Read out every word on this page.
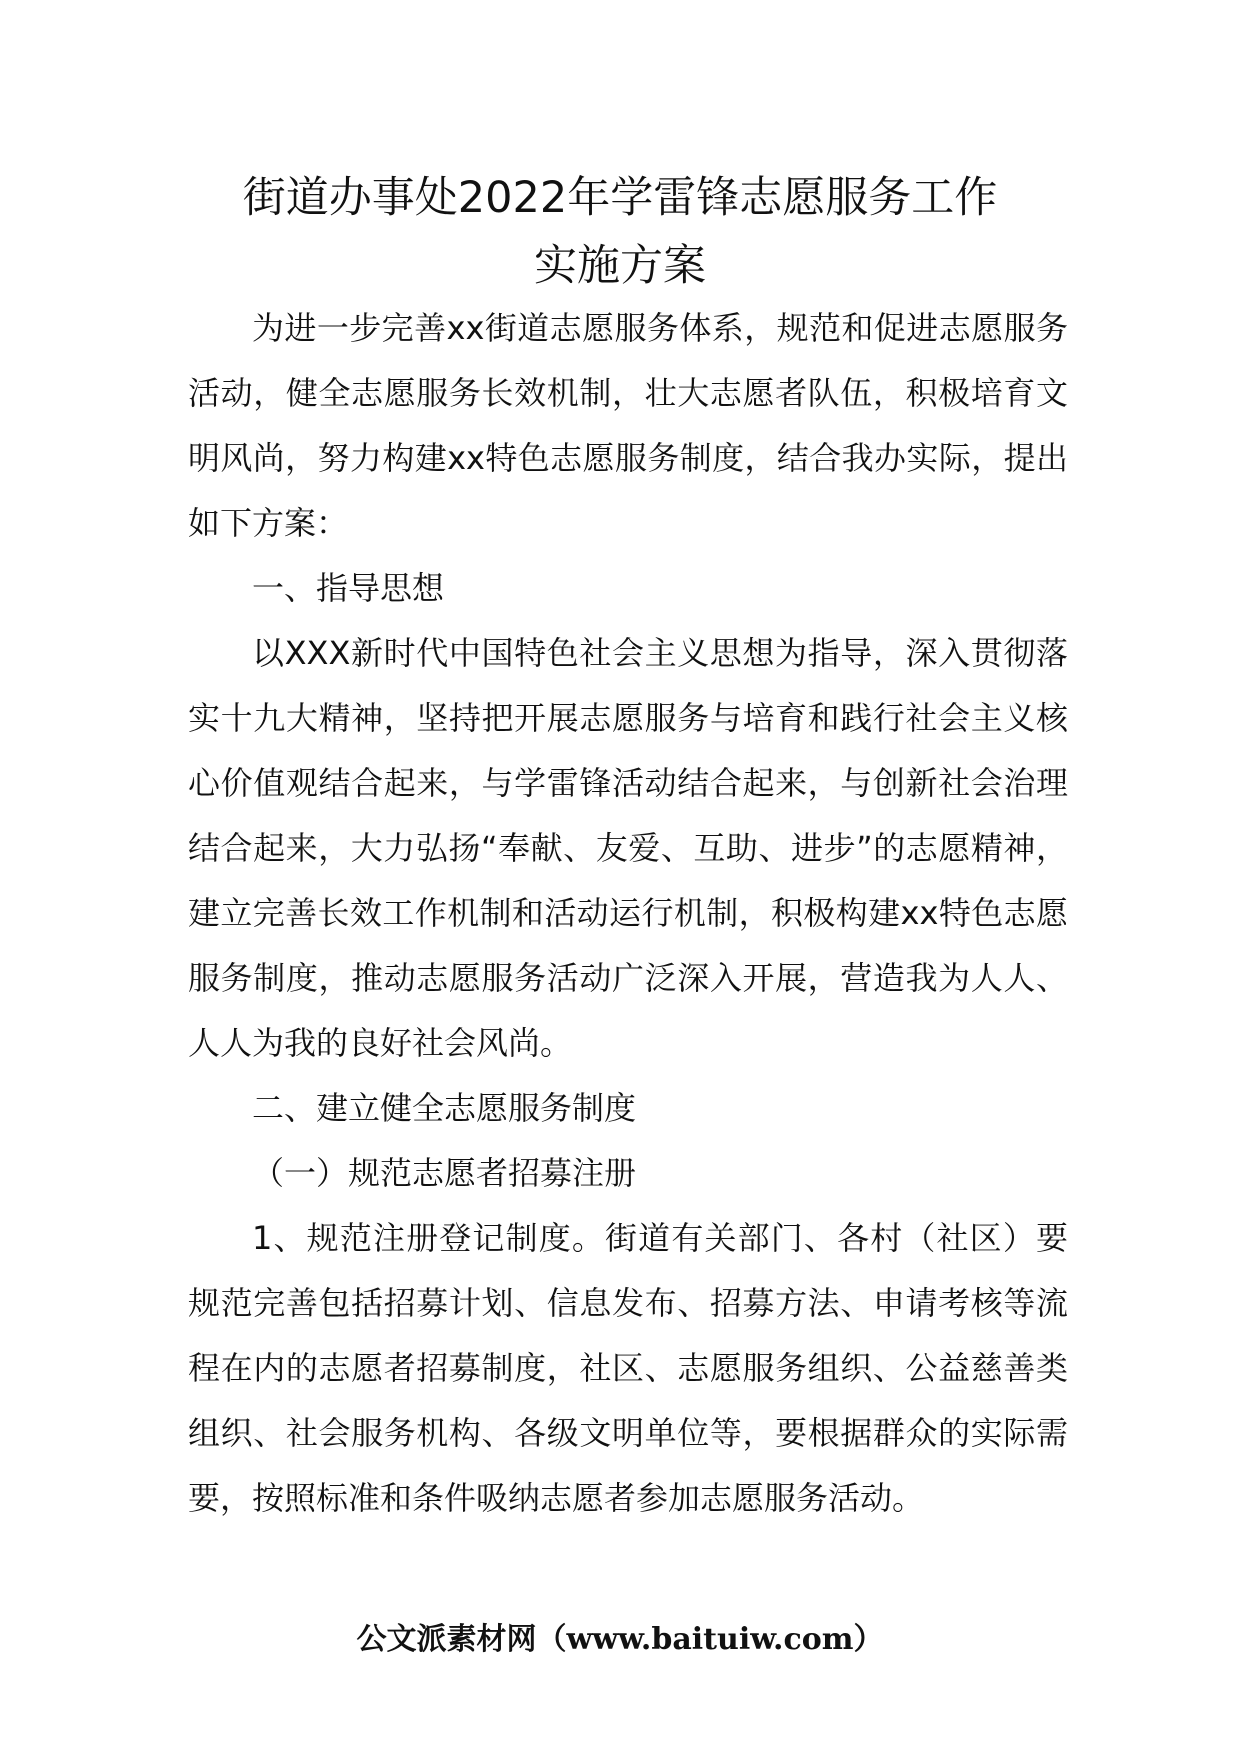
街道办事处2022年学雷锋志愿服务工作
实施方案

为进一步完善xx街道志愿服务体系，规范和促进志愿服务活动，健全志愿服务长效机制，壮大志愿者队伍，积极培育文明风尚，努力构建xx特色志愿服务制度，结合我办实际，提出如下方案：

一、指导思想

以XXX新时代中国特色社会主义思想为指导，深入贯彻落实十九大精神，坚持把开展志愿服务与培育和践行社会主义核心价值观结合起来，与学雷锋活动结合起来，与创新社会治理结合起来，大力弘扬“奉献、友爱、互助、进步”的志愿精神，建立完善长效工作机制和活动运行机制，积极构建xx特色志愿服务制度，推动志愿服务活动广泛深入开展，营造我为人人、人人为我的良好社会风尚。

二、建立健全志愿服务制度

（一）规范志愿者招募注册

1、规范注册登记制度。街道有关部门、各村（社区）要规范完善包括招募计划、信息发布、招募方法、申请考核等流程在内的志愿者招募制度，社区、志愿服务组织、公益慈善类组织、社会服务机构、各级文明单位等，要根据群众的实际需要，按照标准和条件吸纳志愿者参加志愿服务活动。

公文派素材网（www.baituiw.com）
